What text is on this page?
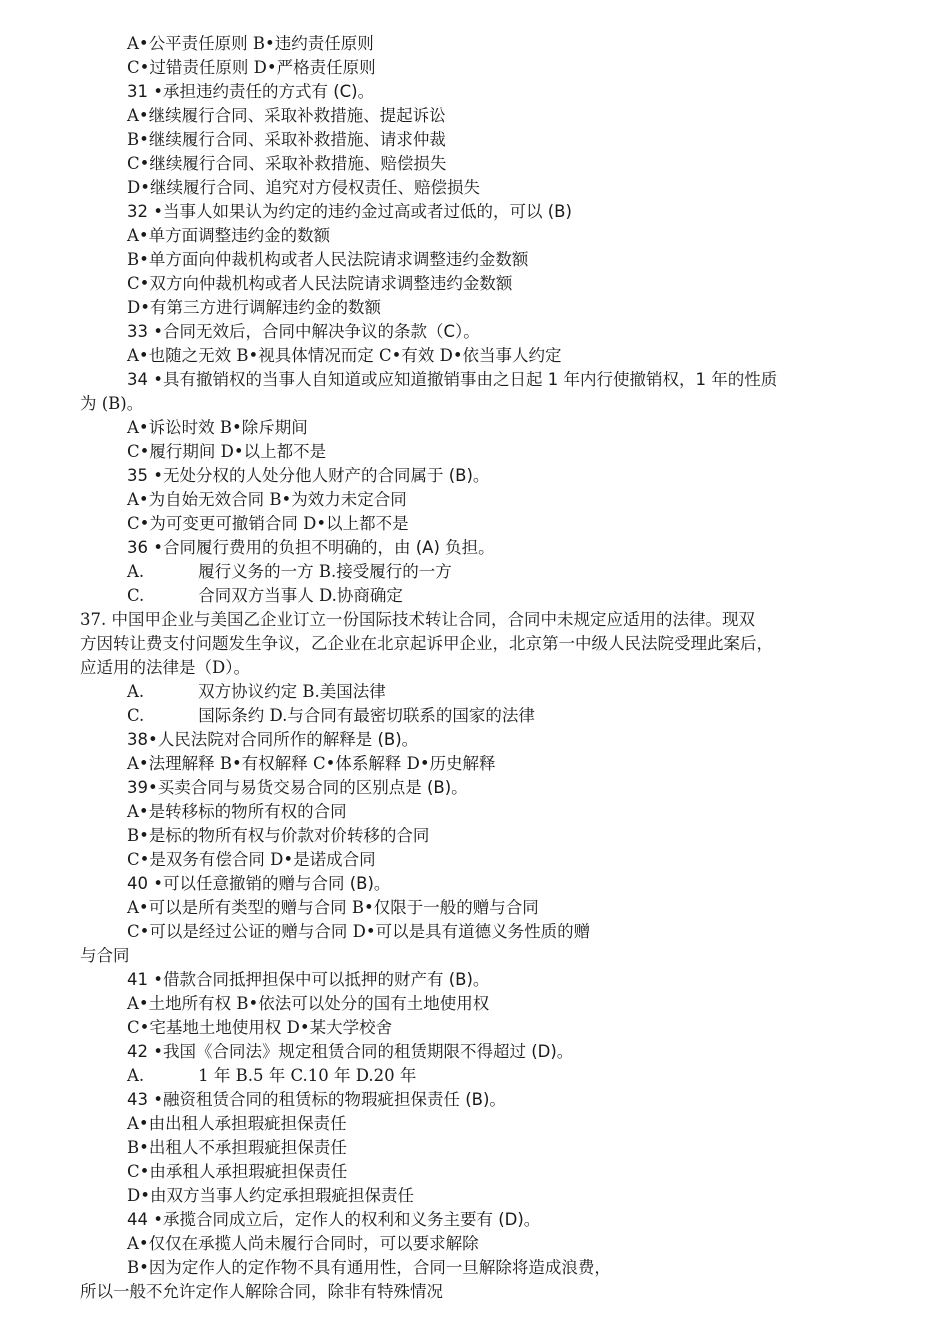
A•公平责任原则 B•违约责任原则
C•过错责任原则 D•严格责任原则
31 •承担违约责任的方式有 (C)。
A•继续履行合同、采取补救措施、提起诉讼
B•继续履行合同、采取补救措施、请求仲裁
C•继续履行合同、采取补救措施、赔偿损失
D•继续履行合同、追究对方侵权责任、赔偿损失
32 •当事人如果认为约定的违约金过高或者过低的，可以 (B)
A•单方面调整违约金的数额
B•单方面向仲裁机构或者人民法院请求调整违约金数额
C•双方向仲裁机构或者人民法院请求调整违约金数额
D•有第三方进行调解违约金的数额
33 •合同无效后，合同中解决争议的条款（C）。
A•也随之无效 B•视具体情况而定 C•有效 D•依当事人约定
34 •具有撤销权的当事人自知道或应知道撤销事由之日起 1 年内行使撤销权，1 年的性质
为 (B)。
A•诉讼时效 B•除斥期间
C•履行期间 D•以上都不是
35 •无处分权的人处分他人财产的合同属于 (B)。
A•为自始无效合同 B•为效力未定合同
C•为可变更可撤销合同 D•以上都不是
36 •合同履行费用的负担不明确的，由 (A) 负担。
A.	履行义务的一方 B.接受履行的一方
C.	合同双方当事人 D.协商确定
37. 中国甲企业与美国乙企业订立一份国际技术转让合同，合同中未规定应适用的法律。现双
方因转让费支付问题发生争议，乙企业在北京起诉甲企业，北京第一中级人民法院受理此案后，
应适用的法律是（D）。
A.	双方协议约定 B.美国法律
C.	国际条约 D.与合同有最密切联系的国家的法律
38•人民法院对合同所作的解释是 (B)。
A•法理解释 B•有权解释 C•体系解释 D•历史解释
39•买卖合同与易货交易合同的区别点是 (B)。
A•是转移标的物所有权的合同
B•是标的物所有权与价款对价转移的合同
C•是双务有偿合同 D•是诺成合同
40 •可以任意撤销的赠与合同 (B)。
A•可以是所有类型的赠与合同 B•仅限于一般的赠与合同
C•可以是经过公证的赠与合同 D•可以是具有道德义务性质的赠
与合同
41 •借款合同抵押担保中可以抵押的财产有 (B)。
A•土地所有权 B•依法可以处分的国有土地使用权
C•宅基地土地使用权 D•某大学校舍
42 •我国《合同法》规定租赁合同的租赁期限不得超过 (D)。
A.	1 年 B.5 年 C.10 年 D.20 年
43 •融资租赁合同的租赁标的物瑕疵担保责任 (B)。
A•由出租人承担瑕疵担保责任
B•出租人不承担瑕疵担保责任
C•由承租人承担瑕疵担保责任
D•由双方当事人约定承担瑕疵担保责任
44 •承揽合同成立后，定作人的权利和义务主要有 (D)。
A•仅仅在承揽人尚未履行合同时，可以要求解除
B•因为定作人的定作物不具有通用性，合同一旦解除将造成浪费，
所以一般不允许定作人解除合同，除非有特殊情况
